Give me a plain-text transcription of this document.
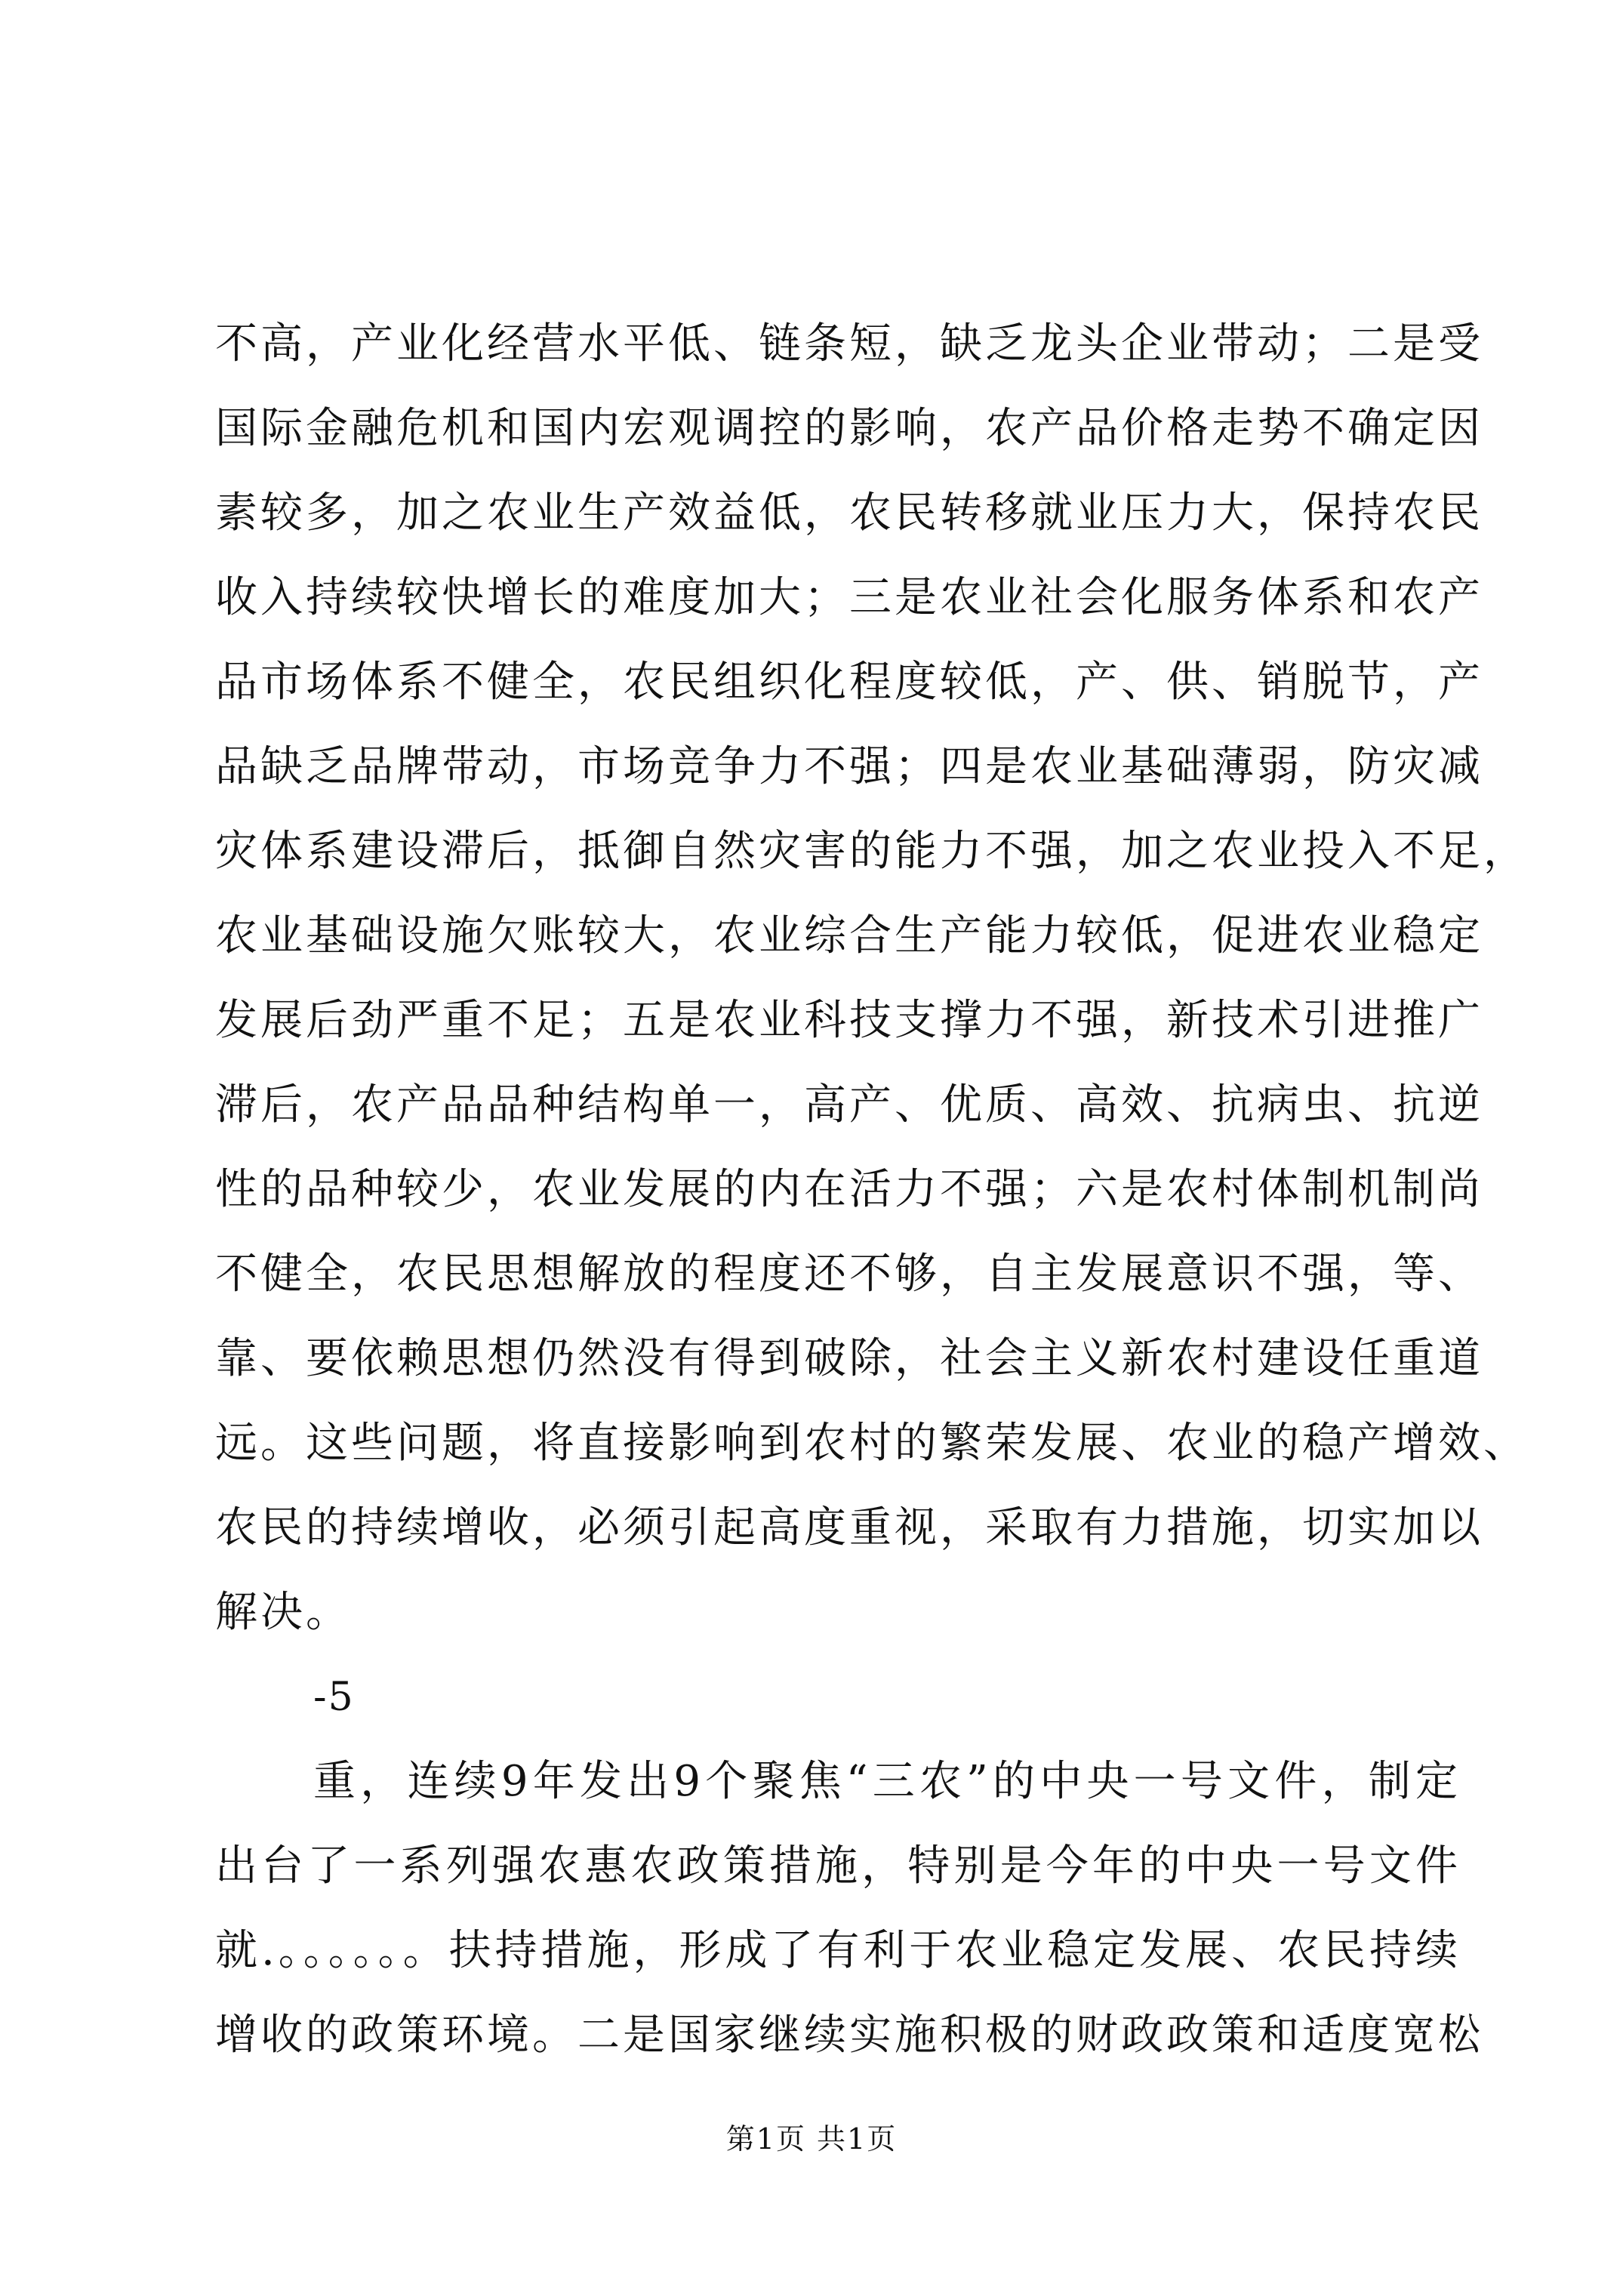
不高，产业化经营水平低、链条短，缺乏龙头企业带动；二是受
国际金融危机和国内宏观调控的影响，农产品价格走势不确定因
素较多，加之农业生产效益低，农民转移就业压力大，保持农民
收入持续较快增长的难度加大；三是农业社会化服务体系和农产
品市场体系不健全，农民组织化程度较低，产、供、销脱节，产
品缺乏品牌带动，市场竞争力不强；四是农业基础薄弱，防灾减
灾体系建设滞后，抵御自然灾害的能力不强，加之农业投入不足，
农业基础设施欠账较大，农业综合生产能力较低，促进农业稳定
发展后劲严重不足；五是农业科技支撑力不强，新技术引进推广
滞后，农产品品种结构单一，高产、优质、高效、抗病虫、抗逆
性的品种较少，农业发展的内在活力不强；六是农村体制机制尚
不健全，农民思想解放的程度还不够，自主发展意识不强，等、
靠、要依赖思想仍然没有得到破除，社会主义新农村建设任重道
远。这些问题，将直接影响到农村的繁荣发展、农业的稳产增效、
农民的持续增收，必须引起高度重视，采取有力措施，切实加以
解决。
-5
重，连续9年发出9个聚焦“三农”的中央一号文件，制定
出台了一系列强农惠农政策措施，特别是今年的中央一号文件
就.。。。。。。扶持措施，形成了有利于农业稳定发展、农民持续
增收的政策环境。二是国家继续实施积极的财政政策和适度宽松
第1页 共1页
